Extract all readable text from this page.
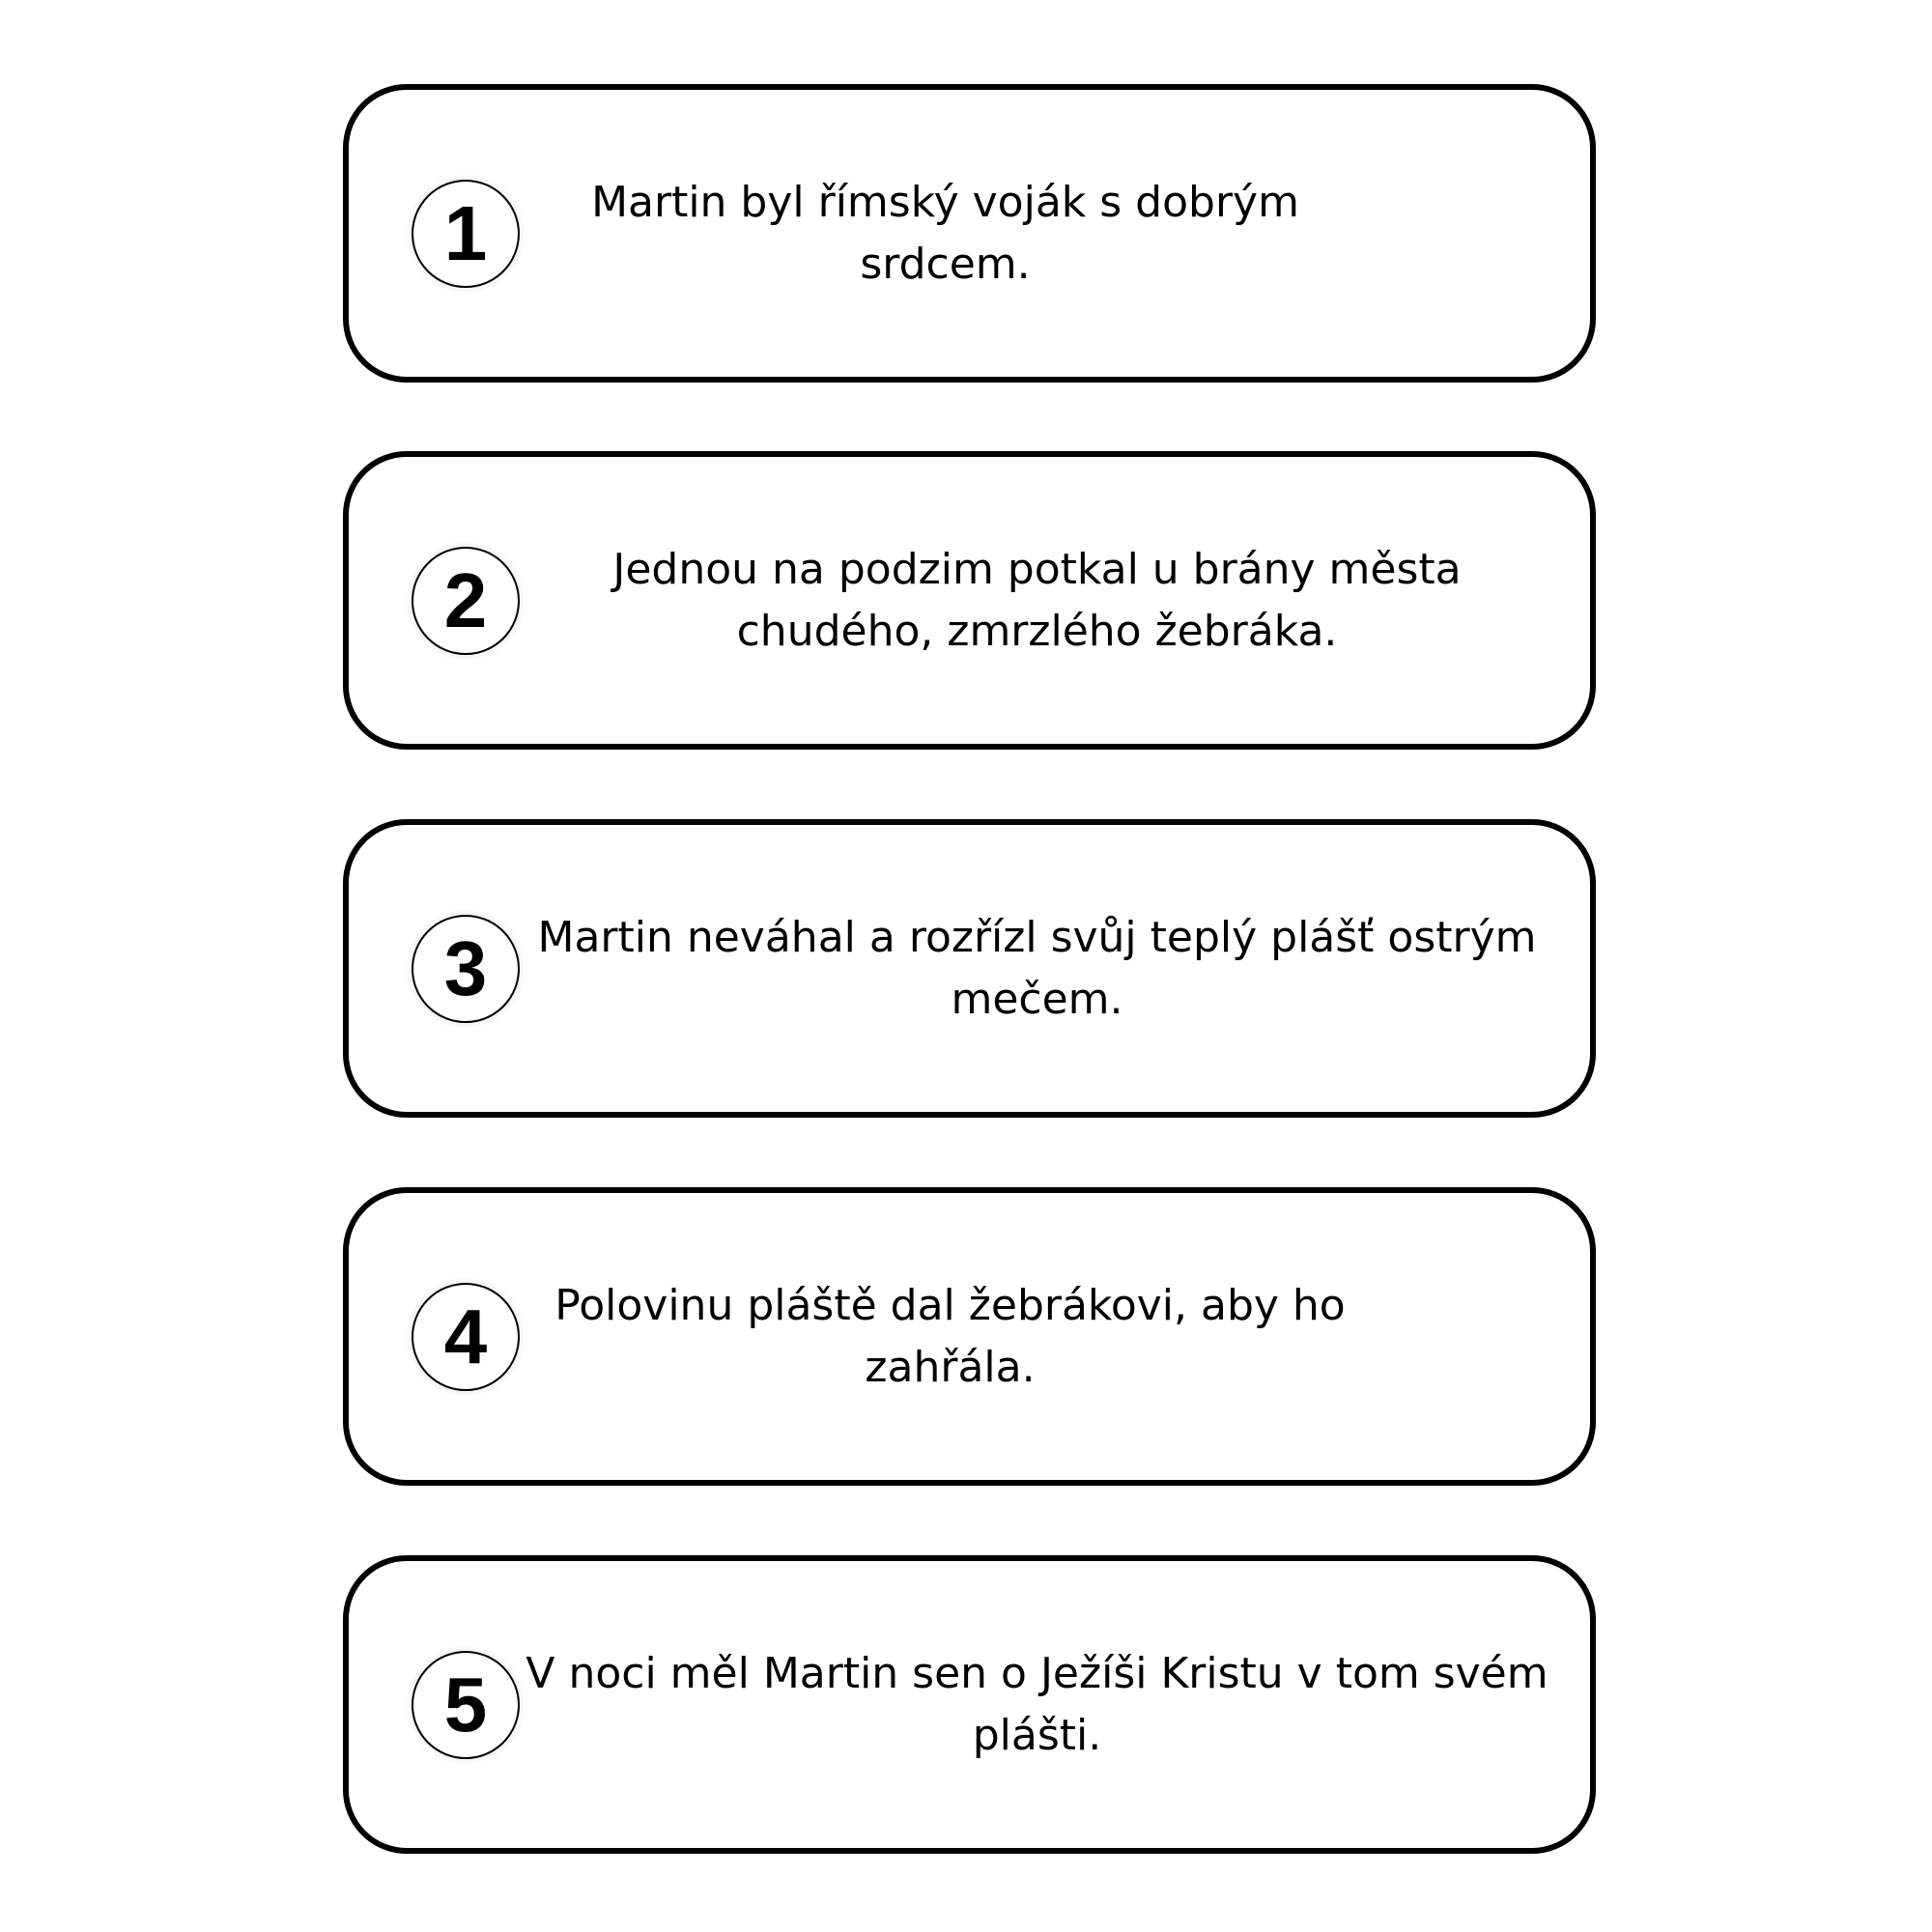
1	Martin byl římský voják s dobrým srdcem.
2	Jednou na podzim potkal u brány města chudého, zmrzlého žebráka.
3	Martin neváhal a rozřízl svůj teplý plášť ostrým mečem.
4	Polovinu pláště dal žebrákovi, aby ho zahřála.
5 V noci měl Martin sen o Ježíši Kristu v tom svém plášti.
